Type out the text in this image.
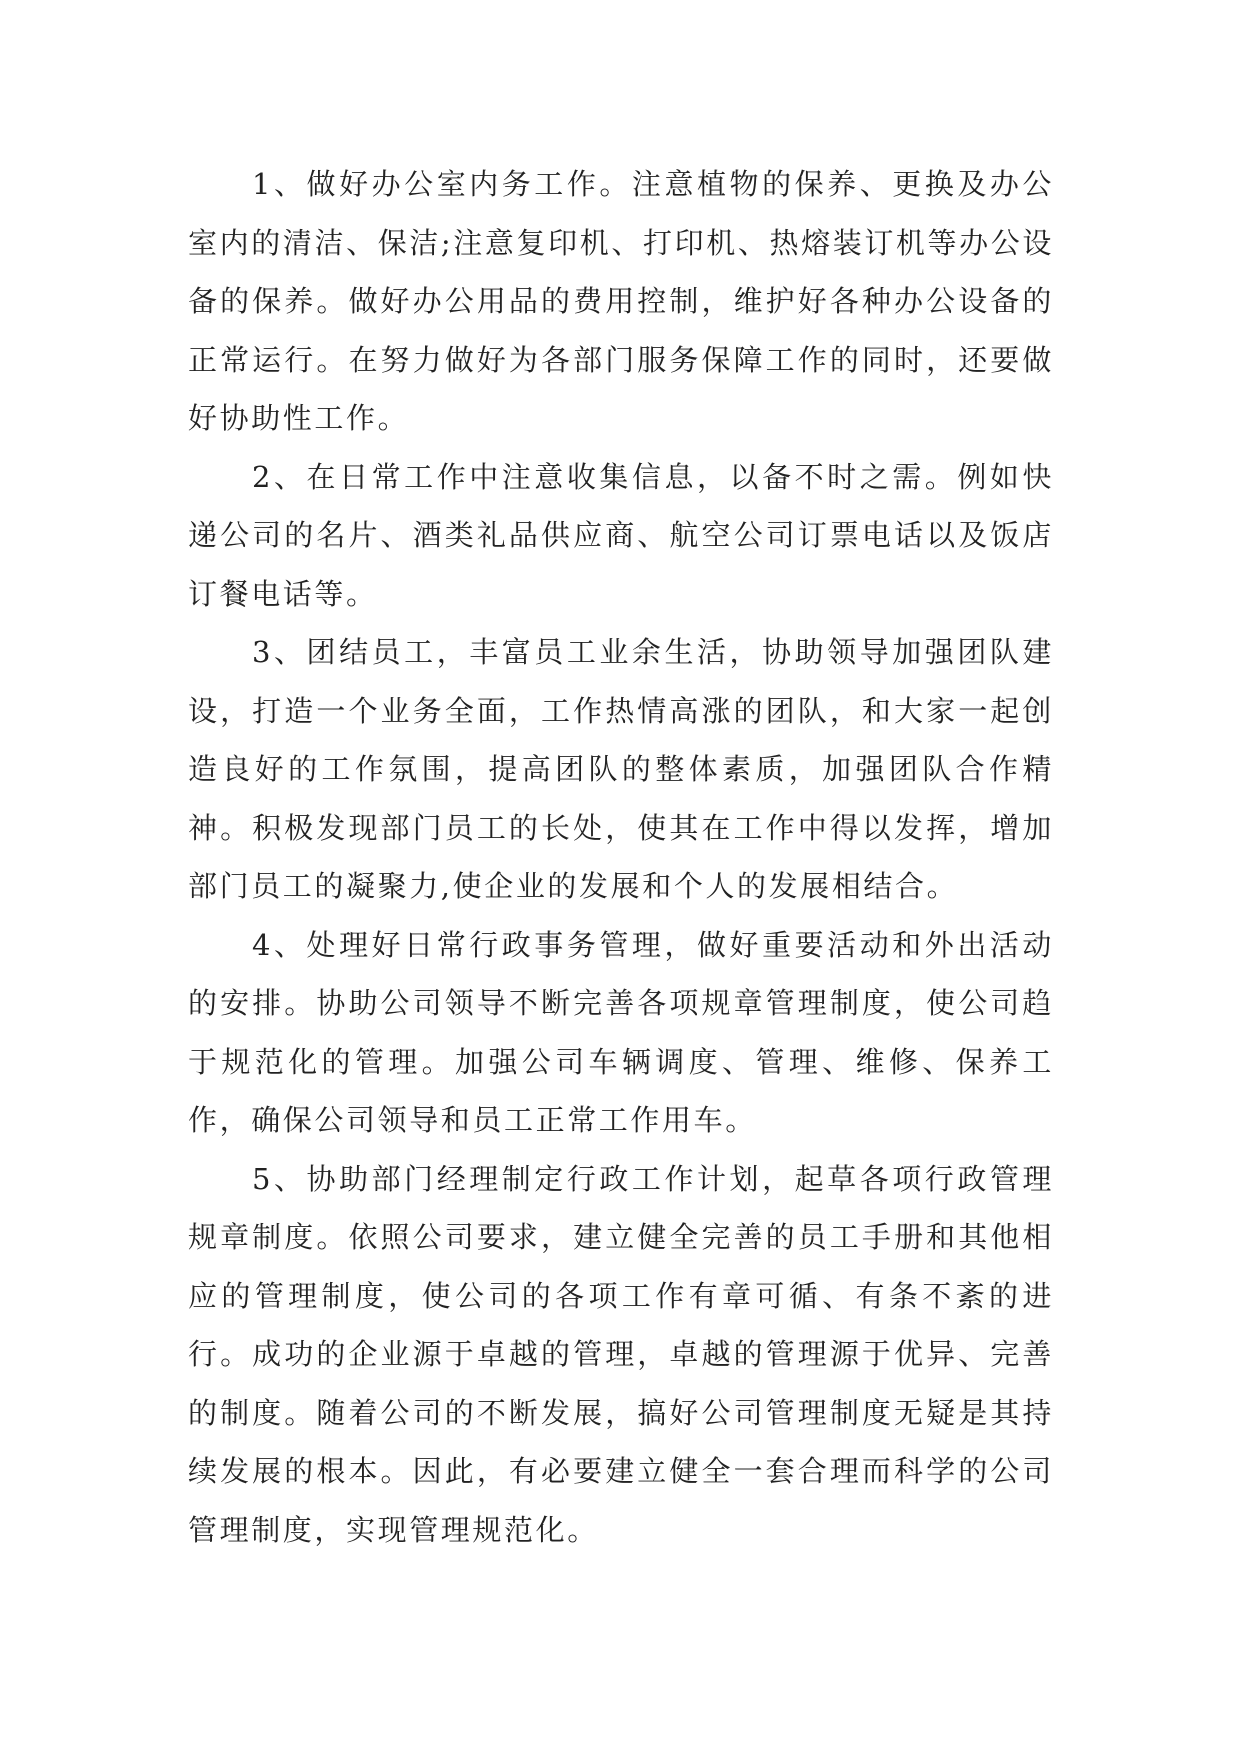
1、做好办公室内务工作。注意植物的保养、更换及办公室内的清洁、保洁;注意复印机、打印机、热熔装订机等办公设备的保养。做好办公用品的费用控制，维护好各种办公设备的正常运行。在努力做好为各部门服务保障工作的同时，还要做好协助性工作。

2、在日常工作中注意收集信息，以备不时之需。例如快递公司的名片、酒类礼品供应商、航空公司订票电话以及饭店订餐电话等。

3、团结员工，丰富员工业余生活，协助领导加强团队建设，打造一个业务全面，工作热情高涨的团队，和大家一起创造良好的工作氛围，提高团队的整体素质，加强团队合作精神。积极发现部门员工的长处，使其在工作中得以发挥，增加部门员工的凝聚力,使企业的发展和个人的发展相结合。

4、处理好日常行政事务管理，做好重要活动和外出活动的安排。协助公司领导不断完善各项规章管理制度，使公司趋于规范化的管理。加强公司车辆调度、管理、维修、保养工作，确保公司领导和员工正常工作用车。

5、协助部门经理制定行政工作计划，起草各项行政管理规章制度。依照公司要求，建立健全完善的员工手册和其他相应的管理制度，使公司的各项工作有章可循、有条不紊的进行。成功的企业源于卓越的管理，卓越的管理源于优异、完善的制度。随着公司的不断发展，搞好公司管理制度无疑是其持续发展的根本。因此，有必要建立健全一套合理而科学的公司管理制度，实现管理规范化。
